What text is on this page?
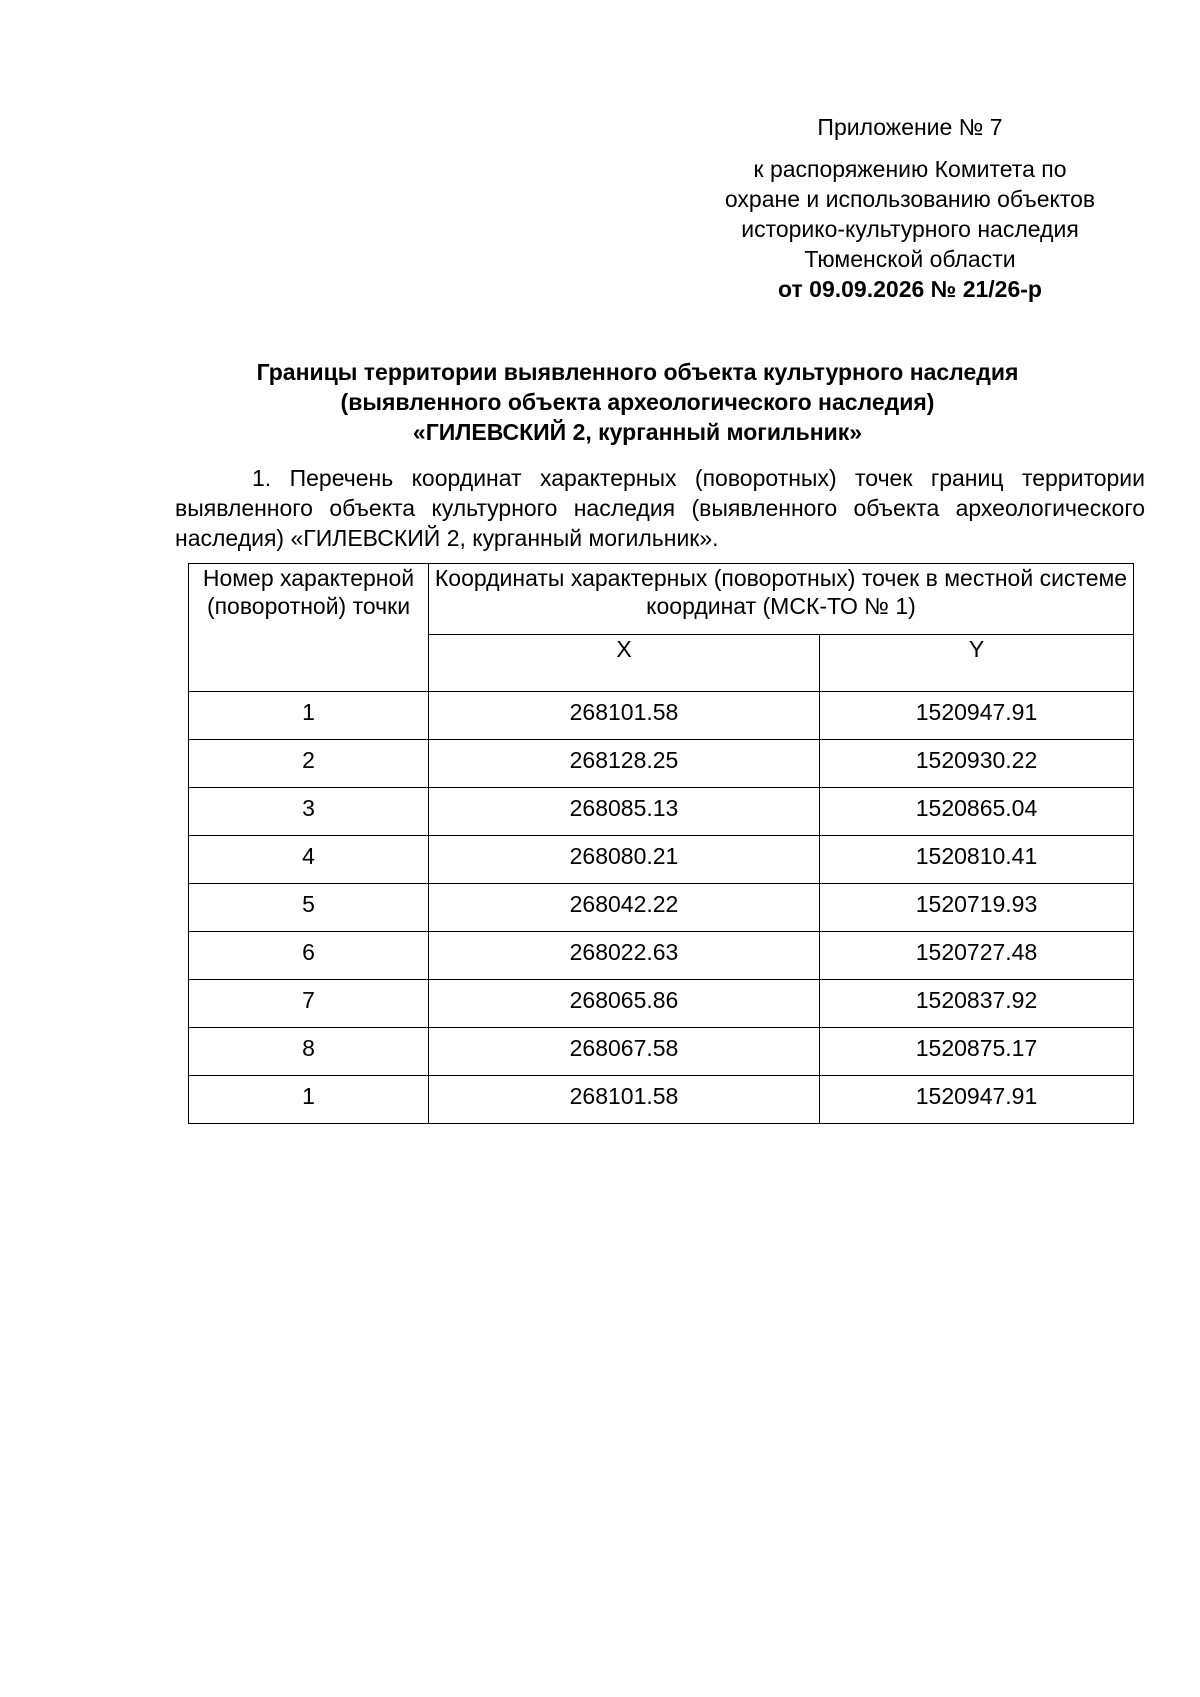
Приложение № 7
к распоряжению Комитета по
охране и использованию объектов
историко-культурного наследия
Тюменской области
от 09.09.2026 № 21/26-р
Границы территории выявленного объекта культурного наследия
(выявленного объекта археологического наследия)
«ГИЛЕВСКИЙ 2, курганный могильник»
1. Перечень координат характерных (поворотных) точек границ территории выявленного объекта культурного наследия (выявленного объекта археологического наследия) «ГИЛЕВСКИЙ 2, курганный могильник».
Номер характерной (поворотной) точки	Координаты характерных (поворотных) точек в местной системе координат (МСК-ТО № 1)	
	X	Y
1	268101.58	1520947.91
2	268128.25	1520930.22
3	268085.13	1520865.04
4	268080.21	1520810.41
5	268042.22	1520719.93
6	268022.63	1520727.48
7	268065.86	1520837.92
8	268067.58	1520875.17
1	268101.58	1520947.91
